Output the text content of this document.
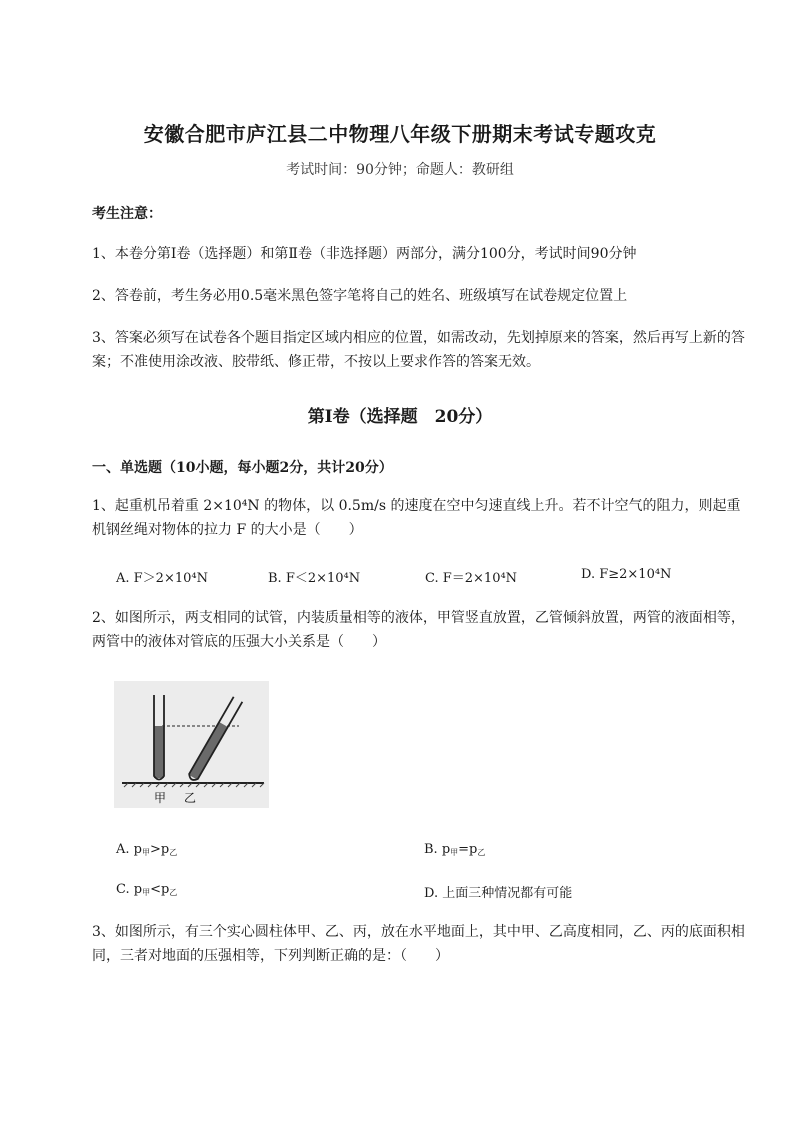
安徽合肥市庐江县二中物理八年级下册期末考试专题攻克
考试时间：90分钟；命题人：教研组
考生注意：
1、本卷分第I卷（选择题）和第Ⅱ卷（非选择题）两部分，满分100分，考试时间90分钟
2、答卷前，考生务必用0.5毫米黑色签字笔将自己的姓名、班级填写在试卷规定位置上
3、答案必须写在试卷各个题目指定区域内相应的位置，如需改动，先划掉原来的答案，然后再写上新的答案；不准使用涂改液、胶带纸、修正带，不按以上要求作答的答案无效。
第I卷（选择题　20分）
一、单选题（10小题，每小题2分，共计20分）
1、起重机吊着重 2×10⁴N 的物体，以 0.5m/s 的速度在空中匀速直线上升。若不计空气的阻力，则起重机钢丝绳对物体的拉力 F 的大小是（　　）
A. F＞2×10⁴N	B. F＜2×10⁴N	C. F＝2×10⁴N	D. F≥2×10⁴N
2、如图所示，两支相同的试管，内装质量相等的液体，甲管竖直放置，乙管倾斜放置，两管的液面相等，两管中的液体对管底的压强大小关系是（　　）
甲 乙
A. $p_甲>p_乙$	B. $p_甲=p_乙$
C. $p_甲<p_乙$	D. 上面三种情况都有可能
3、如图所示，有三个实心圆柱体甲、乙、丙，放在水平地面上，其中甲、乙高度相同，乙、丙的底面积相同，三者对地面的压强相等，下列判断正确的是：（　　）
